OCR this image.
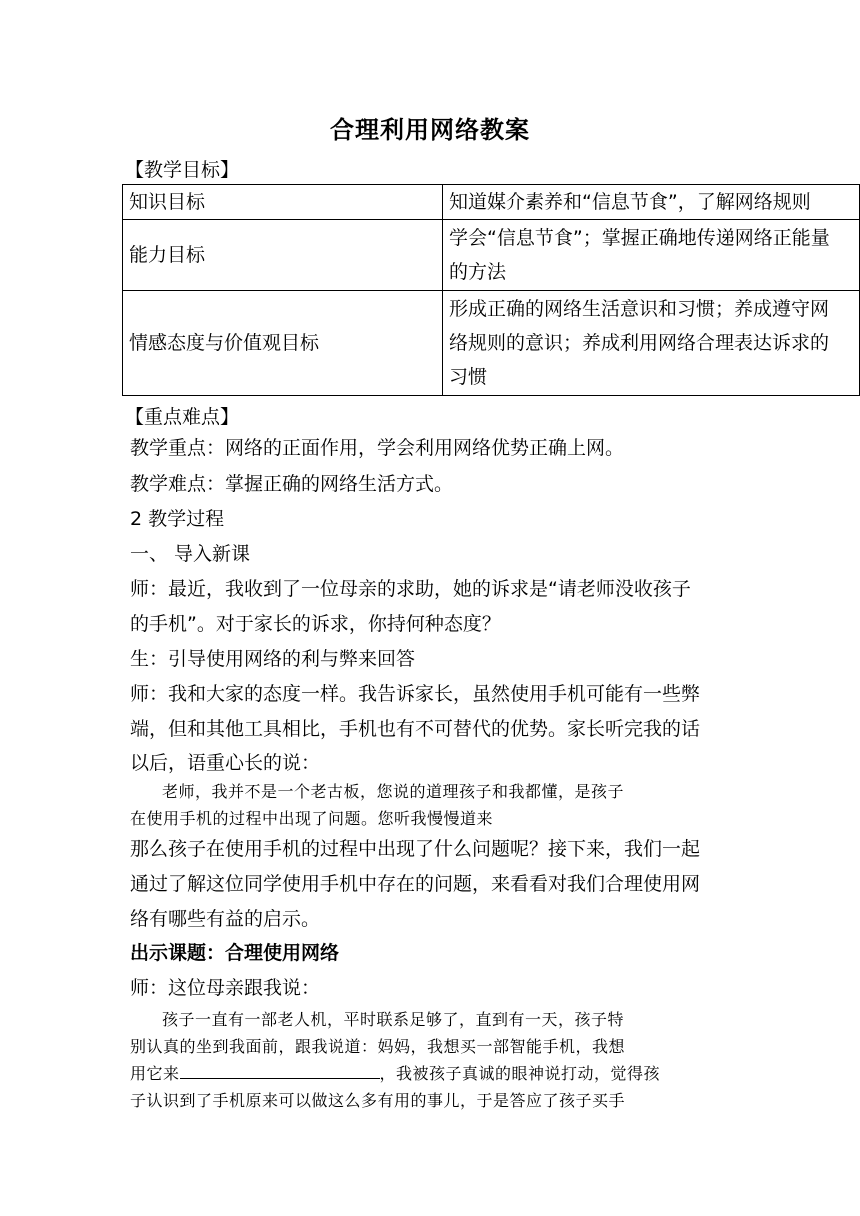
合理利用网络教案
【教学目标】
知识目标	知道媒介素养和“信息节食”，了解网络规则

能力目标	学会“信息节食”；掌握正确地传递网络正能量
的方法

情感态度与价值观目标	形成正确的网络生活意识和习惯；养成遵守网
络规则的意识；养成利用网络合理表达诉求的
习惯
【重点难点】
教学重点：网络的正面作用，学会利用网络优势正确上网。
教学难点：掌握正确的网络生活方式。
2 教学过程
一、 导入新课
师：最近，我收到了一位母亲的求助，她的诉求是“请老师没收孩子
的手机”。对于家长的诉求，你持何种态度？
生：引导使用网络的利与弊来回答
师：我和大家的态度一样。我告诉家长，虽然使用手机可能有一些弊
端，但和其他工具相比，手机也有不可替代的优势。家长听完我的话
以后，语重心长的说：
老师，我并不是一个老古板，您说的道理孩子和我都懂，是孩子
在使用手机的过程中出现了问题。您听我慢慢道来
那么孩子在使用手机的过程中出现了什么问题呢？接下来，我们一起
通过了解这位同学使用手机中存在的问题，来看看对我们合理使用网
络有哪些有益的启示。
出示课题：合理使用网络
师：这位母亲跟我说：
孩子一直有一部老人机，平时联系足够了，直到有一天，孩子特
别认真的坐到我面前，跟我说道：妈妈，我想买一部智能手机，我想
用它来	，我被孩子真诚的眼神说打动，觉得孩
子认识到了手机原来可以做这么多有用的事儿，于是答应了孩子买手
